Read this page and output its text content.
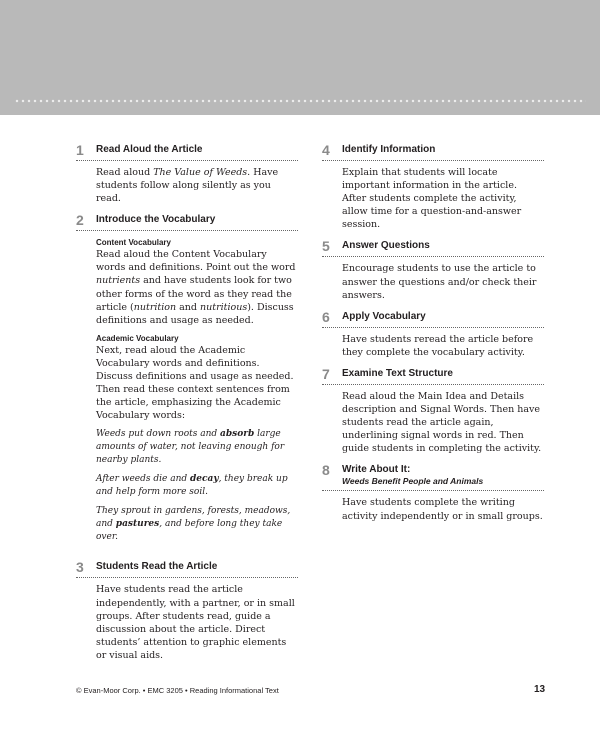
1	Read Aloud the Article

Read aloud The Value of Weeds. Have students follow along silently as you read.

2	Introduce the Vocabulary
Content Vocabulary

Read aloud the Content Vocabulary words and definitions. Point out the word nutrients and have students look for two other forms of the word as they read the article (nutrition and nutritious). Discuss definitions and usage as needed.

Academic Vocabulary

Next, read aloud the Academic Vocabulary words and definitions. Discuss definitions and usage as needed. Then read these context sentences from the article, emphasizing the Academic Vocabulary words:

Weeds put down roots and absorb large amounts of water, not leaving enough for nearby plants.

After weeds die and decay, they break up and help form more soil.

They sprout in gardens, forests, meadows, and pastures, and before long they take over.

3	Students Read the Article

Have students read the article independently, with a partner, or in small groups. After students read, guide a discussion about the article. Direct students’ attention to graphic elements or visual aids.

4	Identify Information

Explain that students will locate important information in the article. After students complete the activity, allow time for a question-and-answer session.

5	Answer Questions

Encourage students to use the article to answer the questions and/or check their answers.

6	Apply Vocabulary

Have students reread the article before they complete the vocabulary activity.

7	Examine Text Structure

Read aloud the Main Idea and Details description and Signal Words. Then have students read the article again, underlining signal words in red. Then guide students in completing the activity.

8	Write About It:
Weeds Benefit People and Animals

Have students complete the writing activity independently or in small groups.

© Evan-Moor Corp. • EMC 3205 • Reading Informational Text	13
